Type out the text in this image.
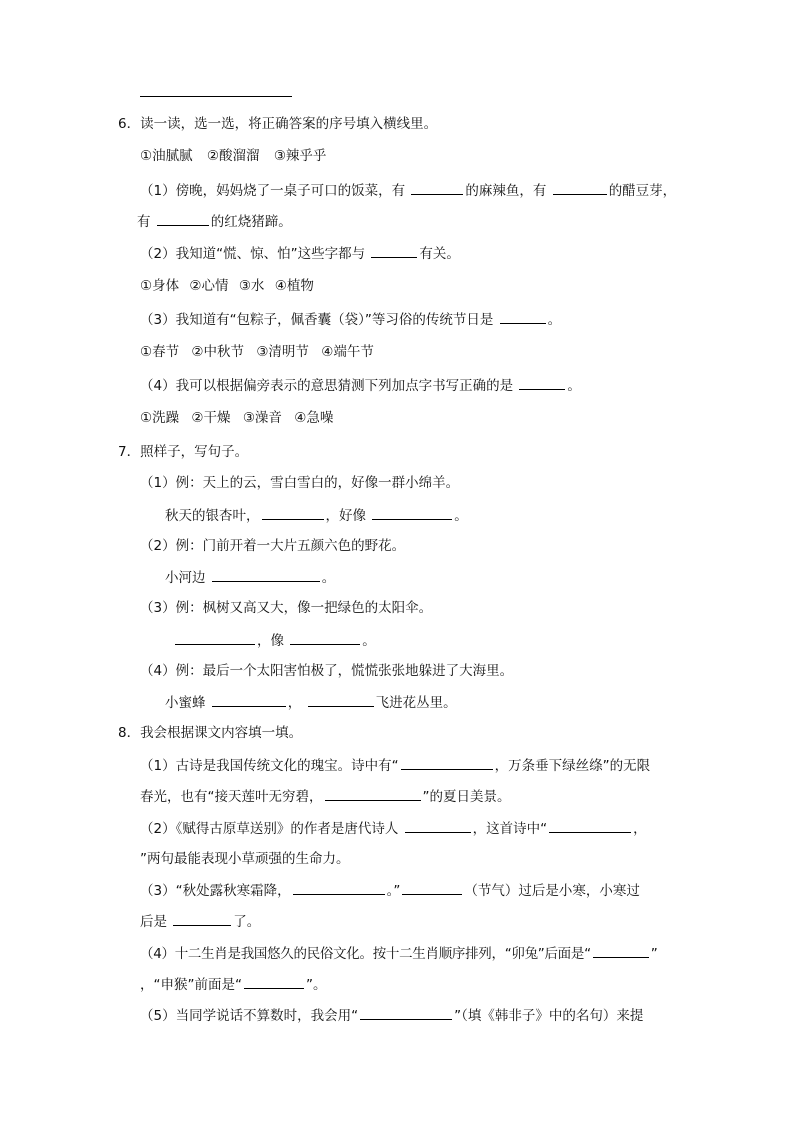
6．读一读，选一选，将正确答案的序号填入横线里。
①油腻腻 ②酸溜溜 ③辣乎乎
（1）傍晚，妈妈烧了一桌子可口的饭菜，有	的麻辣鱼，有	的醋豆芽，
有	的红烧猪蹄。
（2）我知道“慌、惊、怕”这些字都与	有关。
①身体 ②心情 ③水 ④植物
（3）我知道有“包粽子，佩香囊（袋）”等习俗的传统节日是	。
①春节 ②中秋节 ③清明节 ④端午节
（4）我可以根据偏旁表示的意思猜测下列加点字书写正确的是	。
①洗躁 ②干燥 ③澡音 ④急噪
7．照样子，写句子。
（1）例：天上的云，雪白雪白的，好像一群小绵羊。
秋天的银杏叶，	，好像	。
（2）例：门前开着一大片五颜六色的野花。
小河边	。
（3）例：枫树又高又大，像一把绿色的太阳伞。
，像	。
（4）例：最后一个太阳害怕极了，慌慌张张地躲进了大海里。
小蜜蜂	，	飞进花丛里。
8．我会根据课文内容填一填。
（1）古诗是我国传统文化的瑰宝。诗中有“	，万条垂下绿丝绦”的无限
春光，也有“接天莲叶无穷碧，	”的夏日美景。
（2）《赋得古原草送别》的作者是唐代诗人	，这首诗中“	，
”两句最能表现小草顽强的生命力。
（3）“秋处露秋寒霜降，	。”	（节气）过后是小寒，小寒过
后是	了。
（4）十二生肖是我国悠久的民俗文化。按十二生肖顺序排列，“卯兔”后面是“	”
，“申猴”前面是“	”。
（5）当同学说话不算数时，我会用“	”（填《韩非子》中的名句）来提
